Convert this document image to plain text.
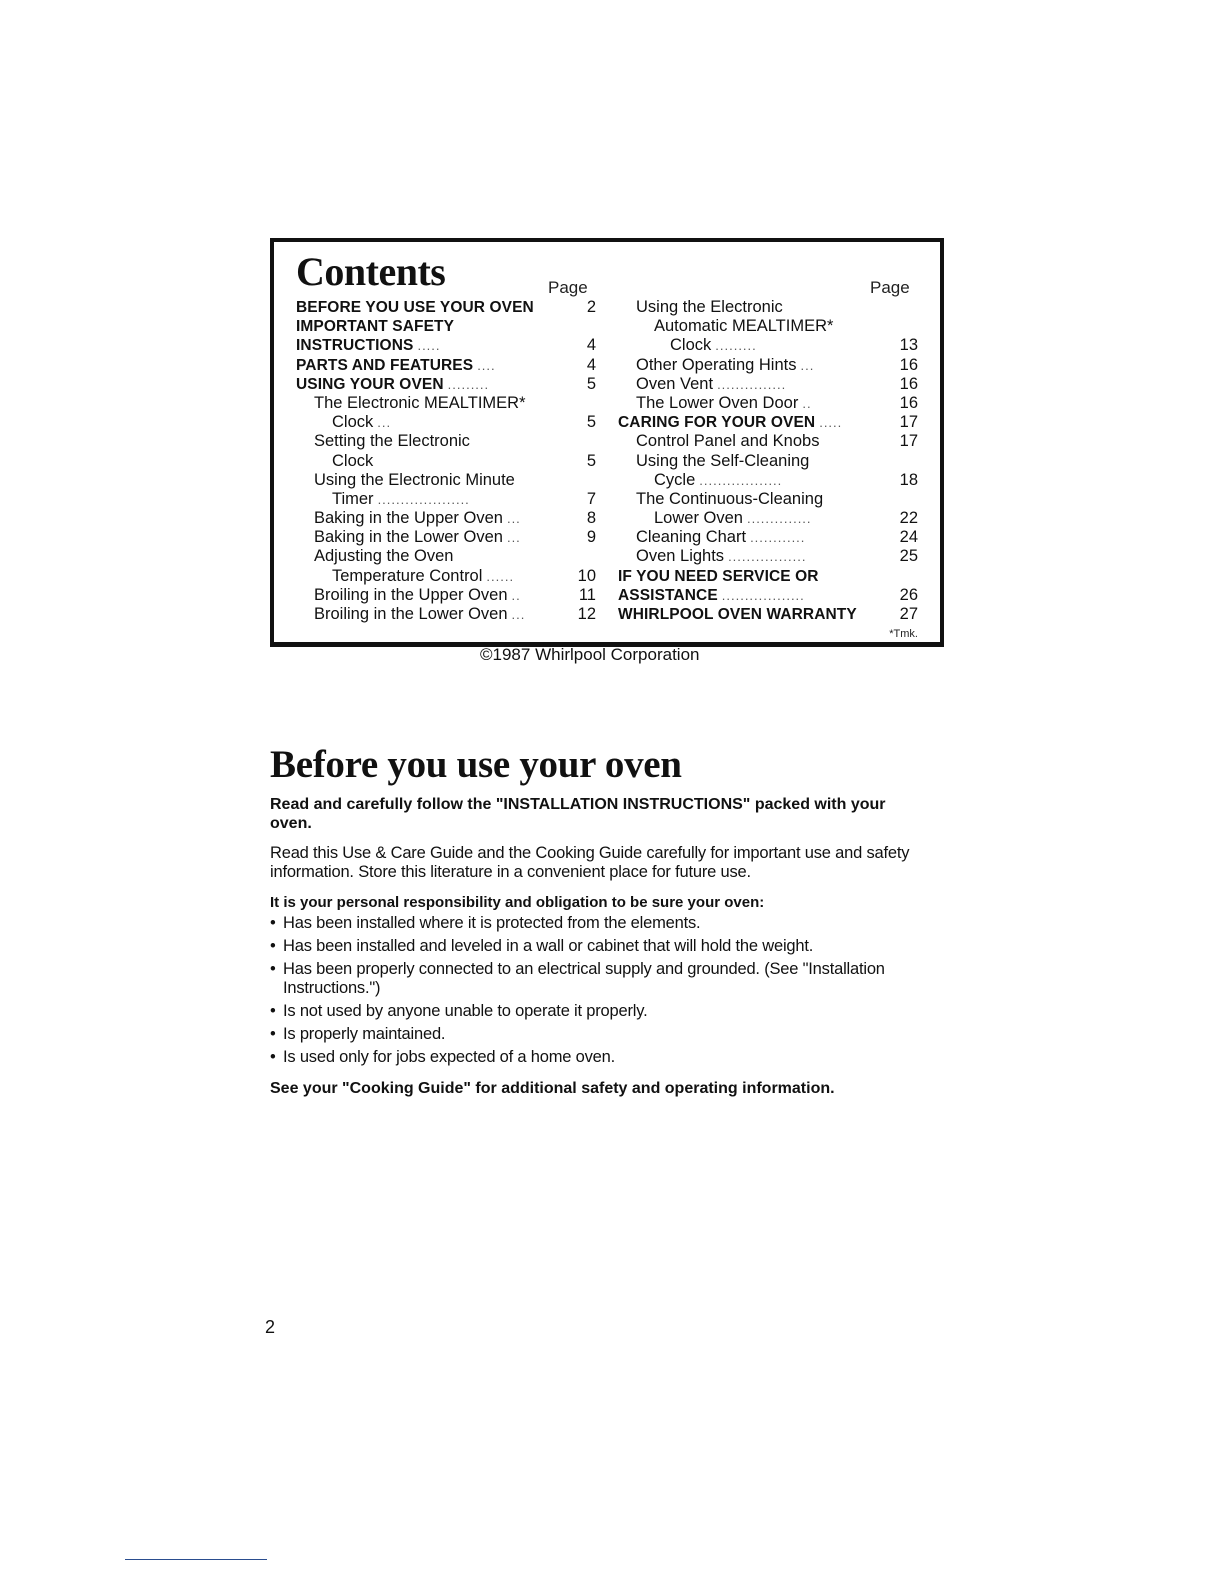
Contents	Page
BEFORE YOU USE YOUR OVEN	2
IMPORTANT SAFETY
INSTRUCTIONS .....	4
PARTS AND FEATURES ....	4
USING YOUR OVEN .........	5
The Electronic MEALTIMER*
Clock ...	5
Setting the Electronic
Clock	5
Using the Electronic Minute
Timer ....................	7
Baking in the Upper Oven ...	8
Baking in the Lower Oven ...	9
Adjusting the Oven
Temperature Control ......	10
Broiling in the Upper Oven ..	11
Broiling in the Lower Oven ...	12
Page
Using the Electronic
Automatic MEALTIMER*
Clock .........	13
Other Operating Hints ...	16
Oven Vent ...............	16
The Lower Oven Door ..	16
CARING FOR YOUR OVEN .....	17
Control Panel and Knobs	17
Using the Self-Cleaning
Cycle ..................	18
The Continuous-Cleaning
Lower Oven ..............	22
Cleaning Chart ............	24
Oven Lights .................	25
IF YOU NEED SERVICE OR
ASSISTANCE ..................	26
WHIRLPOOL OVEN WARRANTY	27
*Tmk.

©1987 Whirlpool Corporation

Before you use your oven

Read and carefully follow the "INSTALLATION INSTRUCTIONS" packed with your oven.

Read this Use & Care Guide and the Cooking Guide carefully for important use and safety information. Store this literature in a convenient place for future use.

It is your personal responsibility and obligation to be sure your oven:

• Has been installed where it is protected from the elements.
• Has been installed and leveled in a wall or cabinet that will hold the weight.
• Has been properly connected to an electrical supply and grounded. (See "Installation Instructions.")
• Is not used by anyone unable to operate it properly.
• Is properly maintained.
• Is used only for jobs expected of a home oven.

See your "Cooking Guide" for additional safety and operating information.

2
